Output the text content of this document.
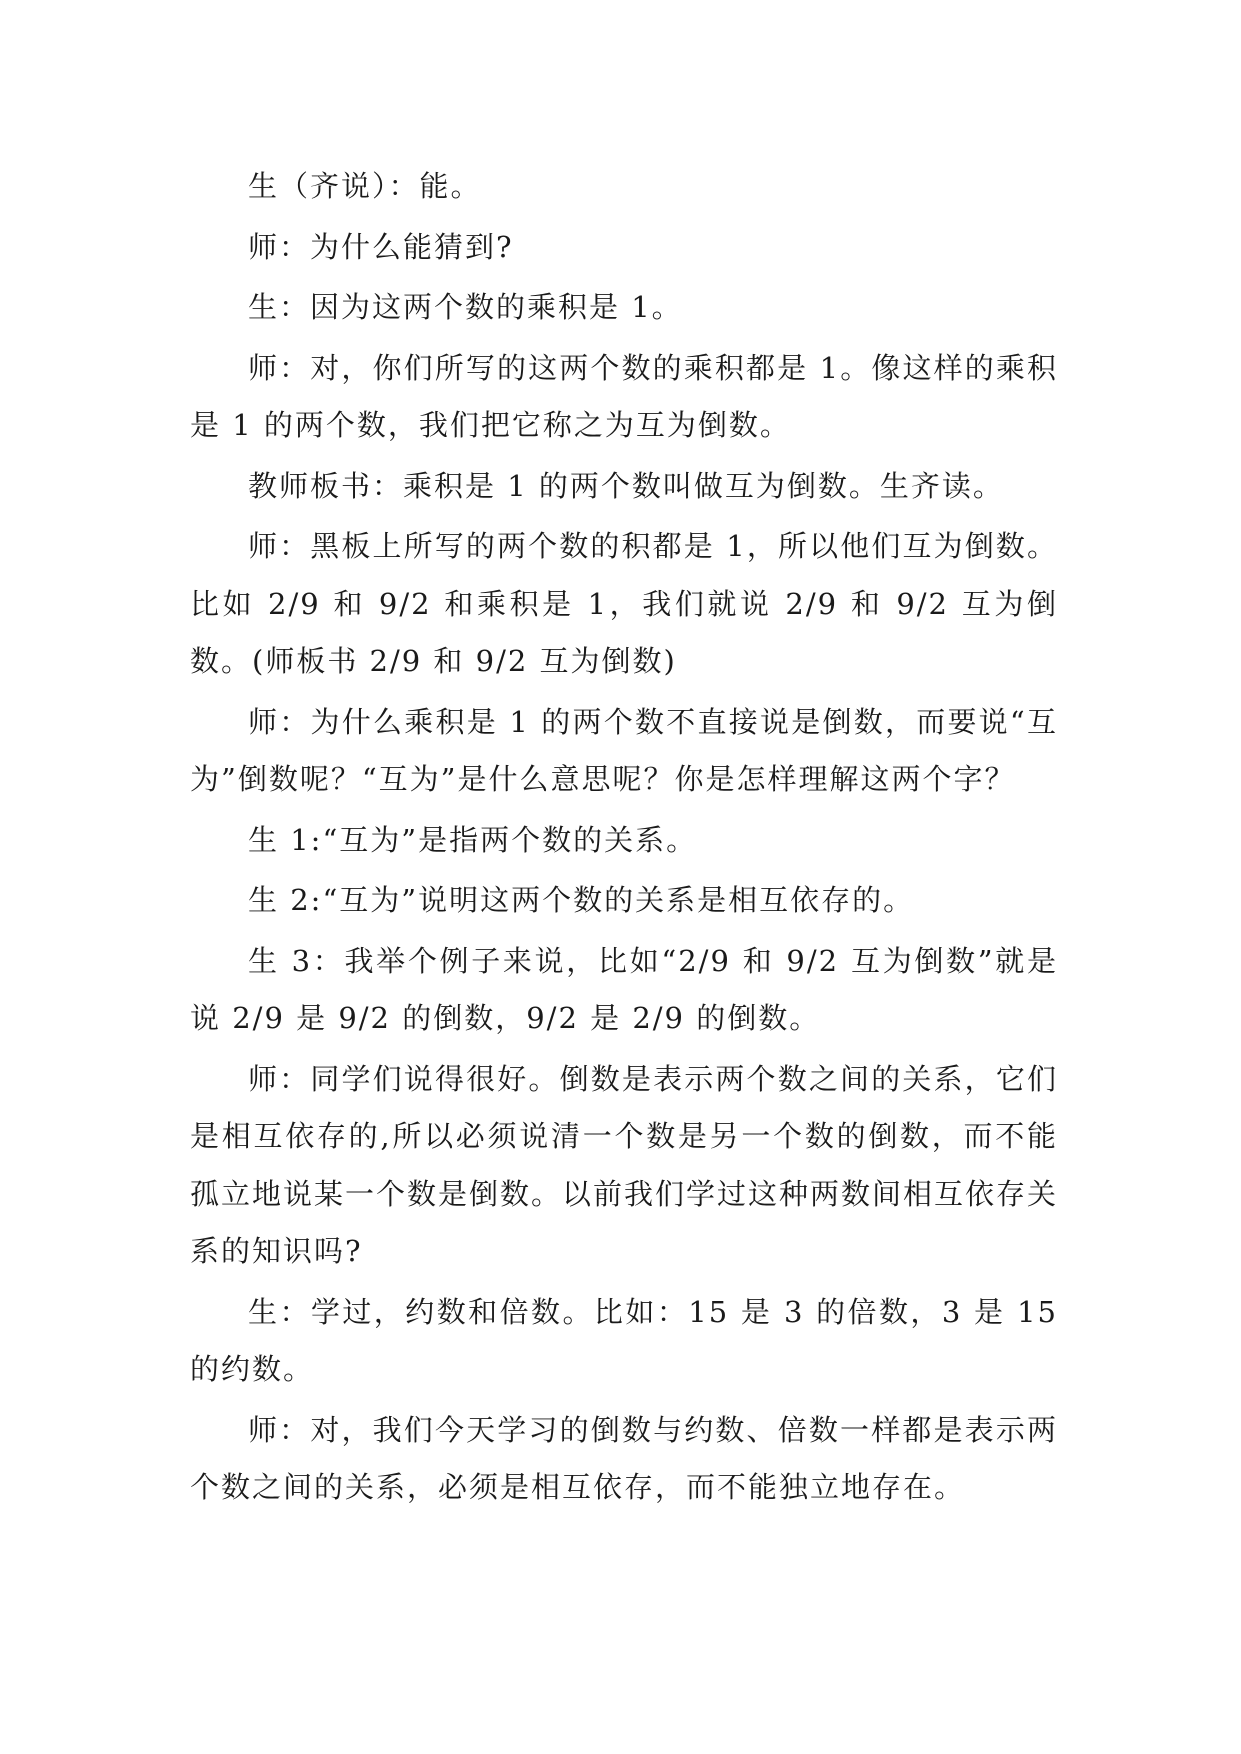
生（齐说）：能。

师：为什么能猜到?

生：因为这两个数的乘积是 1。

师：对，你们所写的这两个数的乘积都是 1。像这样的乘积是 1 的两个数，我们把它称之为互为倒数。

教师板书：乘积是 1 的两个数叫做互为倒数。生齐读。

师：黑板上所写的两个数的积都是 1，所以他们互为倒数。比如 2/9 和 9/2 和乘积是 1，我们就说 2/9 和 9/2 互为倒数。(师板书 2/9 和 9/2 互为倒数)

师：为什么乘积是 1 的两个数不直接说是倒数，而要说“互为”倒数呢？“互为”是什么意思呢？你是怎样理解这两个字？

生 1:“互为”是指两个数的关系。

生 2:“互为”说明这两个数的关系是相互依存的。

生 3：我举个例子来说，比如“2/9 和 9/2 互为倒数”就是说 2/9 是 9/2 的倒数，9/2 是 2/9 的倒数。

师：同学们说得很好。倒数是表示两个数之间的关系，它们是相互依存的,所以必须说清一个数是另一个数的倒数，而不能孤立地说某一个数是倒数。以前我们学过这种两数间相互依存关系的知识吗?

生：学过，约数和倍数。比如：15 是 3 的倍数，3 是 15 的约数。

师：对，我们今天学习的倒数与约数、倍数一样都是表示两个数之间的关系，必须是相互依存，而不能独立地存在。
